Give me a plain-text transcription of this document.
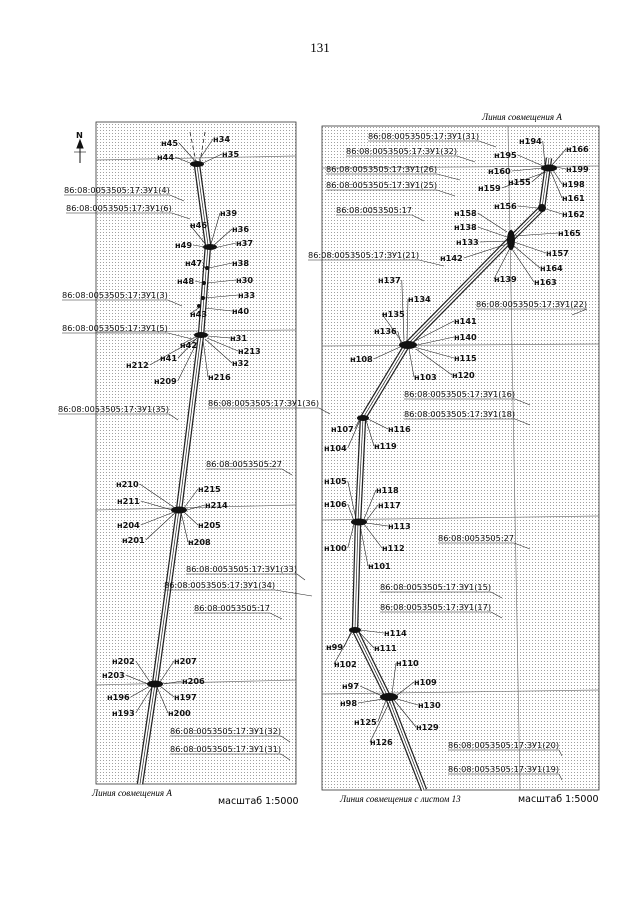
131
н45	н34
н44	н35
н39
н46	н36
н49	н37
н47	н38
н48	н30
н33
н43	н40
н31
н42
н213
н41	н32
н212
н216
н209
н210	н215
н211	н214
н204	н205
н201	н208
н202	н207
н203
н206
н196	н197
н193	н200
86:08:0053505:17:ЗУ1(4)
86:08:0053505:17:ЗУ1(6)
86:08:0053505:17:ЗУ1(3)
86:08:0053505:17:ЗУ1(5)
86:08:0053505:17:ЗУ1(36)
86:08:0053505:17:ЗУ1(35)
86:08:0053505:27
86:08:0053505:17:ЗУ1(33)
86:08:0053505:17:ЗУ1(34)
86:08:0053505:17
86:08:0053505:17:ЗУ1(32)
86:08:0053505:17:ЗУ1(31)
н194
н166
н195
н199
н160
н155	н198
н159
н161
н156
н162
н158
н165
н138
н133
н157
н142
н164
н139 н163
н137
н134
н135
н141
н136
н140
н108	н115
н103 н120
н107	н116
н104	н119
н105
н118
н106	н117
н113
н100	н112
н101
н114
н99	н111
н102	н110
н97	н109
н98	н130
н125	н129
н126
86:08:0053505:17:ЗУ1(31)
86:08:0053505:17:ЗУ1(32)
86:08:0053505:17:ЗУ1(26)
86:08:0053505:17:ЗУ1(25)
86:08:0053505:17
86:08:0053505:17:ЗУ1(21)
86:08:0053505:17:ЗУ1(22)
86:08:0053505:17:ЗУ1(16)
86:08:0053505:17:ЗУ1(18)
86:08:0053505:27
86:08:0053505:17:ЗУ1(15)
86:08:0053505:17:ЗУ1(17)
86:08:0053505:17:ЗУ1(20)
86:08:0053505:17:ЗУ1(19)
N
Линия совмещения А
масштаб 1:5000
Линия совмещения А
Линия совмещения с листом 13	масштаб 1:5000
